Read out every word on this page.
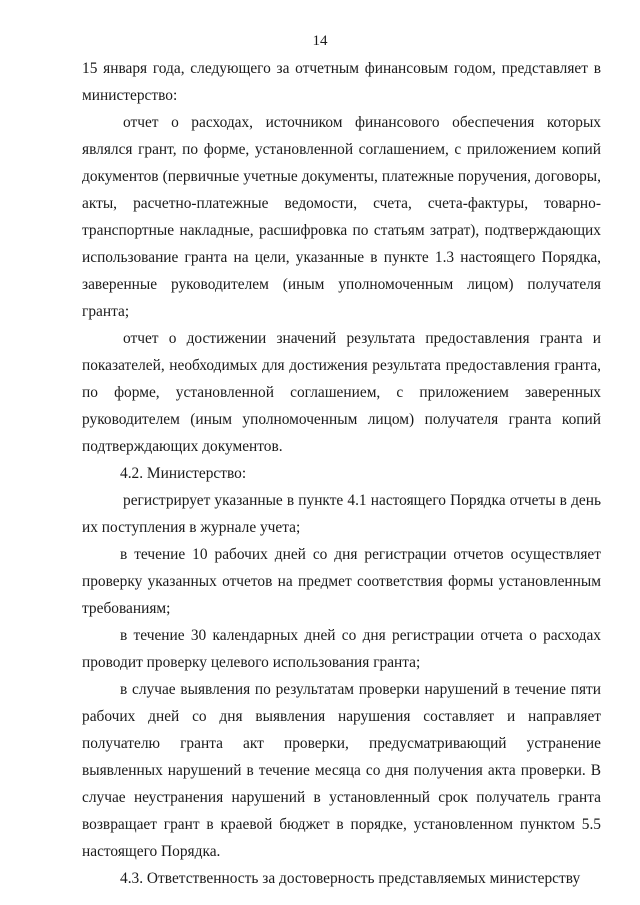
14

15 января года, следующего за отчетным финансовым годом, представляет в министерство:

отчет о расходах, источником финансового обеспечения которых являлся грант, по форме, установленной соглашением, с приложением копий документов (первичные учетные документы, платежные поручения, договоры, акты, расчетно-платежные ведомости, счета, счета-фактуры, товарно-транспортные накладные, расшифровка по статьям затрат), подтверждающих использование гранта на цели, указанные в пункте 1.3 настоящего Порядка, заверенные руководителем (иным уполномоченным лицом) получателя гранта;

отчет о достижении значений результата предоставления гранта и показателей, необходимых для достижения результата предоставления гранта, по форме, установленной соглашением, с приложением заверенных руководителем (иным уполномоченным лицом) получателя гранта копий подтверждающих документов.

4.2. Министерство:

регистрирует указанные в пункте 4.1 настоящего Порядка отчеты в день их поступления в журнале учета;

в течение 10 рабочих дней со дня регистрации отчетов осуществляет проверку указанных отчетов на предмет соответствия формы установленным требованиям;

в течение 30 календарных дней со дня регистрации отчета о расходах проводит проверку целевого использования гранта;

в случае выявления по результатам проверки нарушений в течение пяти рабочих дней со дня выявления нарушения составляет и направляет получателю гранта акт проверки, предусматривающий устранение выявленных нарушений в течение месяца со дня получения акта проверки. В случае неустранения нарушений в установленный срок получатель гранта возвращает грант в краевой бюджет в порядке, установленном пунктом 5.5 настоящего Порядка.

4.3. Ответственность за достоверность представляемых министерству
